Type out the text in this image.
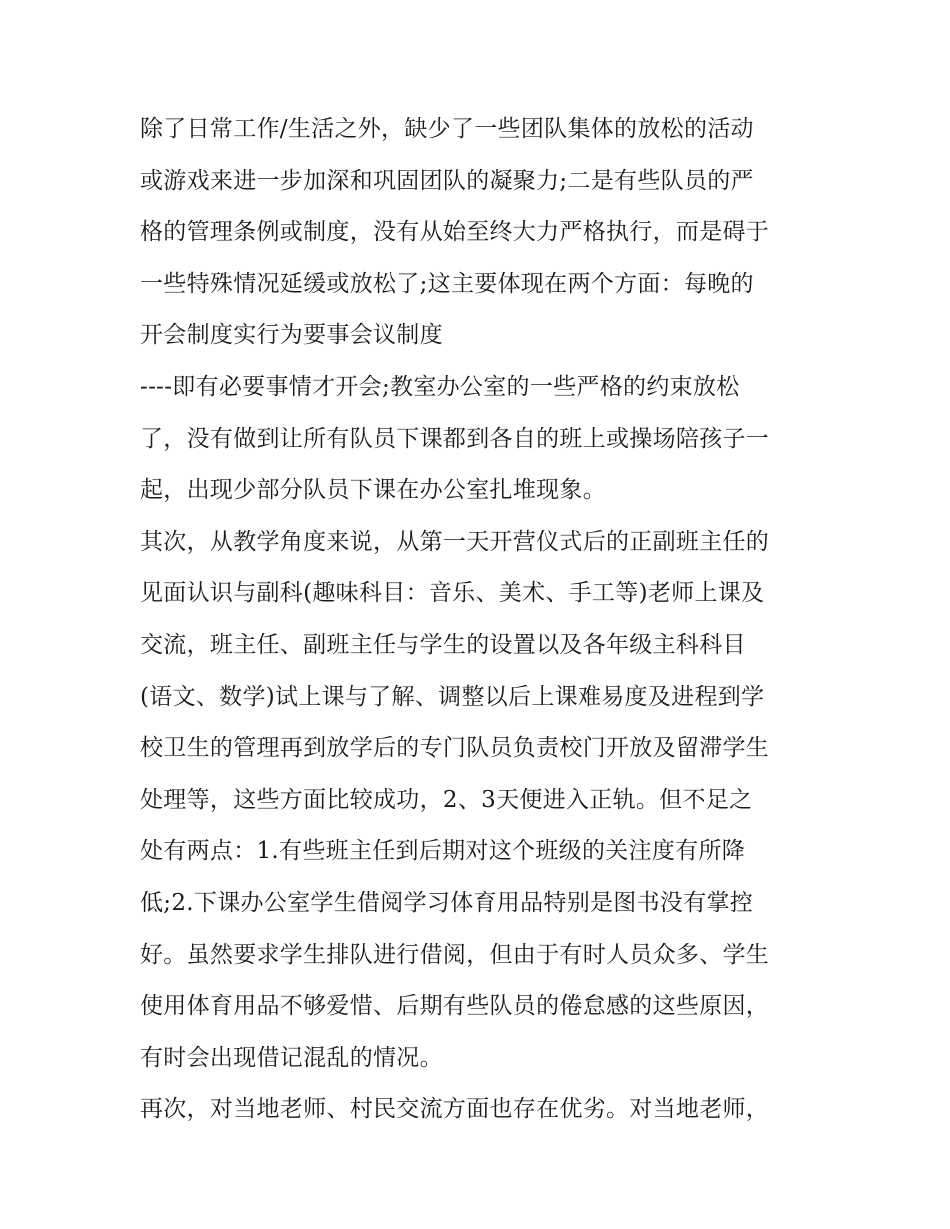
除了日常工作/生活之外，缺少了一些团队集体的放松的活动
或游戏来进一步加深和巩固团队的凝聚力;二是有些队员的严
格的管理条例或制度，没有从始至终大力严格执行，而是碍于
一些特殊情况延缓或放松了;这主要体现在两个方面：每晚的
开会制度实行为要事会议制度
----即有必要事情才开会;教室办公室的一些严格的约束放松
了，没有做到让所有队员下课都到各自的班上或操场陪孩子一
起，出现少部分队员下课在办公室扎堆现象。
其次，从教学角度来说，从第一天开营仪式后的正副班主任的
见面认识与副科(趣味科目：音乐、美术、手工等)老师上课及
交流，班主任、副班主任与学生的设置以及各年级主科科目
(语文、数学)试上课与了解、调整以后上课难易度及进程到学
校卫生的管理再到放学后的专门队员负责校门开放及留滞学生
处理等，这些方面比较成功，2、3天便进入正轨。但不足之
处有两点：1.有些班主任到后期对这个班级的关注度有所降
低;2.下课办公室学生借阅学习体育用品特别是图书没有掌控
好。虽然要求学生排队进行借阅，但由于有时人员众多、学生
使用体育用品不够爱惜、后期有些队员的倦怠感的这些原因，
有时会出现借记混乱的情况。
再次，对当地老师、村民交流方面也存在优劣。对当地老师，
